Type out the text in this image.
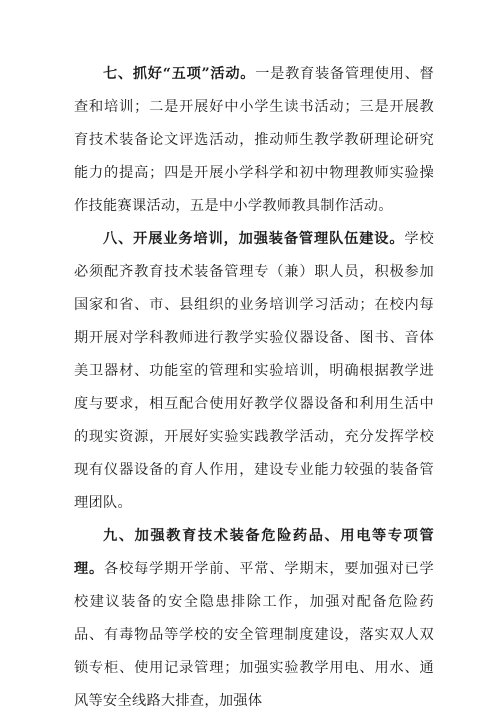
七、抓好“五项”活动。一是教育装备管理使用、督查和培训；二是开展好中小学生读书活动；三是开展教育技术装备论文评选活动，推动师生教学教研理论研究能力的提高；四是开展小学科学和初中物理教师实验操作技能赛课活动，五是中小学教师教具制作活动。

八、开展业务培训，加强装备管理队伍建设。学校必须配齐教育技术装备管理专（兼）职人员，积极参加国家和省、市、县组织的业务培训学习活动；在校内每期开展对学科教师进行教学实验仪器设备、图书、音体美卫器材、功能室的管理和实验培训，明确根据教学进度与要求，相互配合使用好教学仪器设备和利用生活中的现实资源，开展好实验实践教学活动，充分发挥学校现有仪器设备的育人作用，建设专业能力较强的装备管理团队。

九、加强教育技术装备危险药品、用电等专项管理。各校每学期开学前、平常、学期末，要加强对已学校建议装备的安全隐患排除工作，加强对配备危险药品、有毒物品等学校的安全管理制度建设，落实双人双锁专柜、使用记录管理；加强实验教学用电、用水、通风等安全线路大排查，加强体
